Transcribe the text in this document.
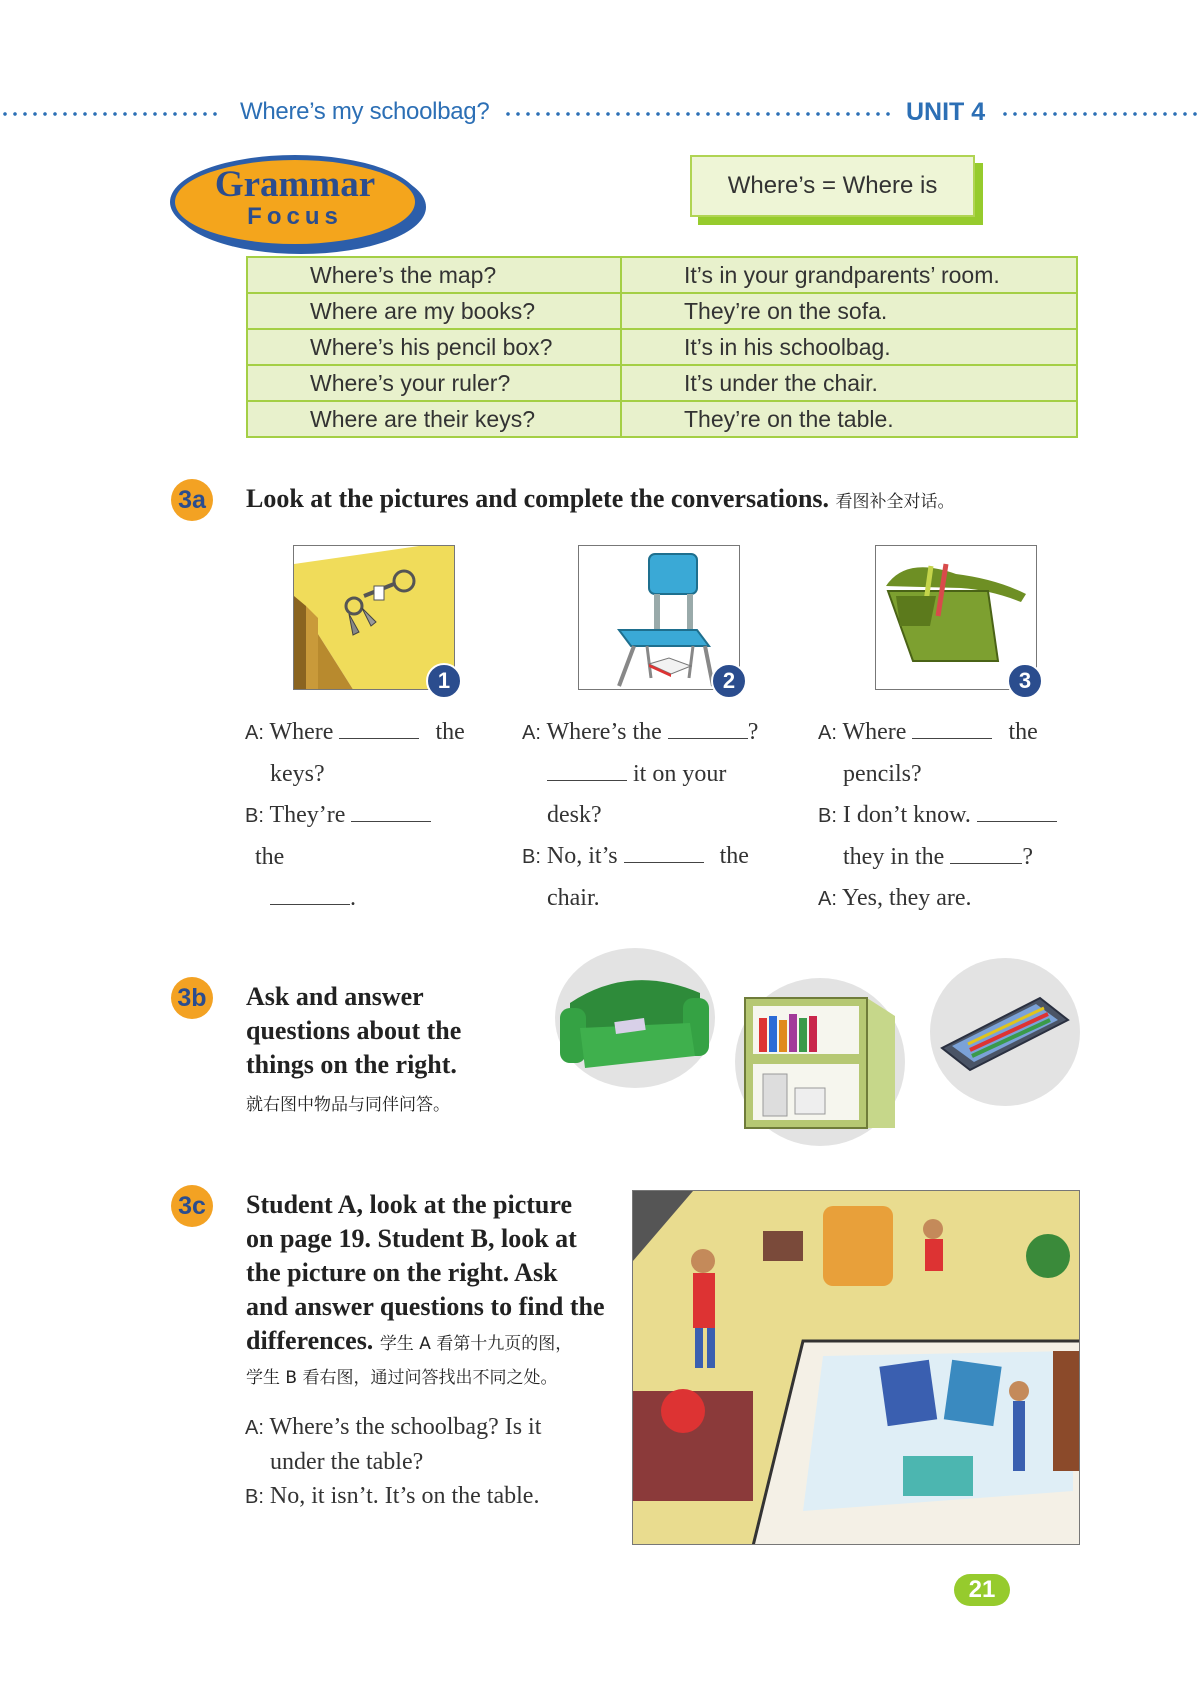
Where’s my schoolbag?	UNIT 4
Grammar
Focus
Where’s = Where is
Where’s the map?	It’s in your grandparents’ room.
Where are my books?	They’re on the sofa.
Where’s his pencil box?	It’s in his schoolbag.
Where’s your ruler?	It’s under the chair.
Where are their keys?	They’re on the table.
3a Look at the pictures and complete the conversations. 看图补全对话。
1	2	3
A: Where	the
keys?
B: They’re  the
.
A: Where’s the	?
it on your
desk?
B: No, it’s	the
chair.
A: Where	the
pencils?
B: I don’t know.
they in the	?
A: Yes, they are.
3b Ask and answer
questions about the
things on the right.
就右图中物品与同伴问答。
3c Student A, look at the picture
on page 19. Student B, look at
the picture on the right. Ask
and answer questions to find the
differences. 学生 A 看第十九页的图，
学生 B 看右图，通过问答找出不同之处。
A: Where’s the schoolbag? Is it
under the table?
B: No, it isn’t. It’s on the table.
21
